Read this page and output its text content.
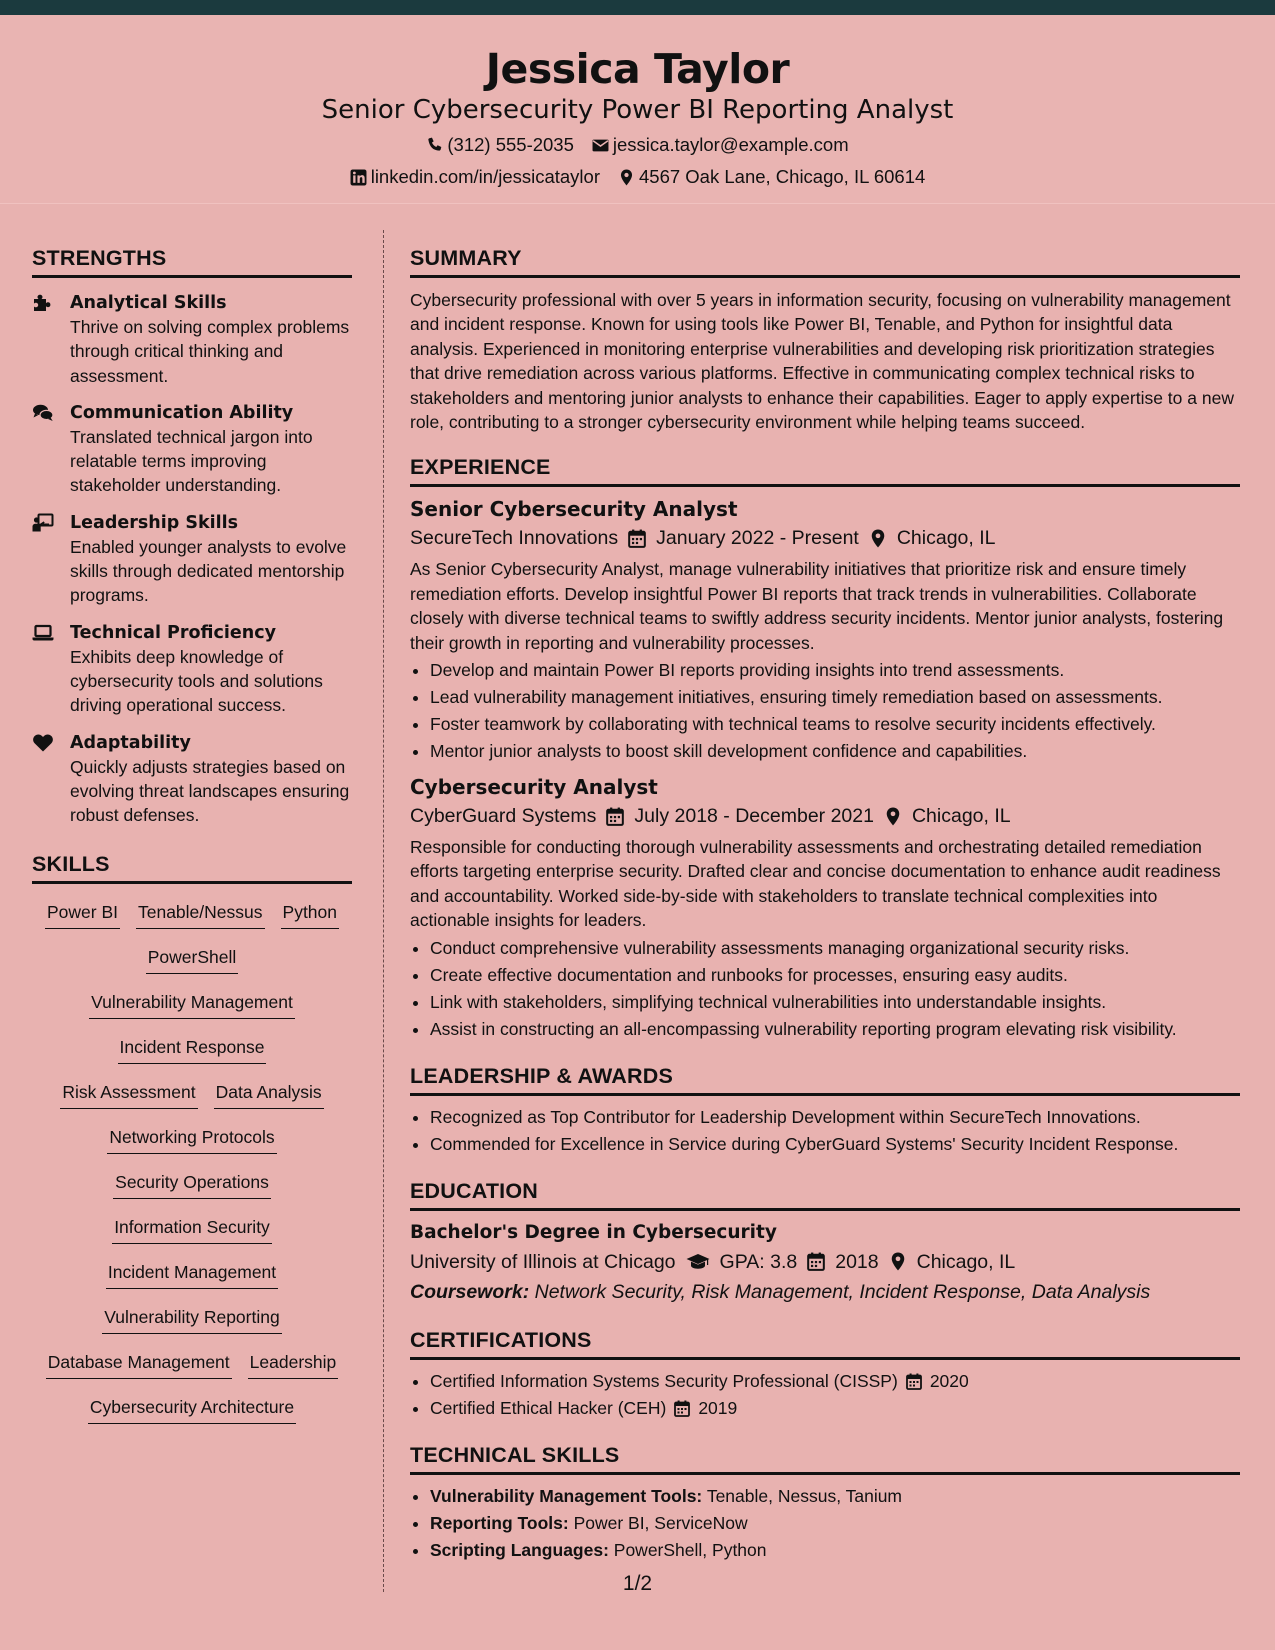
Jessica Taylor
Senior Cybersecurity Power BI Reporting Analyst
(312) 555-2035 jessica.taylor@example.com
linkedin.com/in/jessicataylor 4567 Oak Lane, Chicago, IL 60614
STRENGTHS
Analytical Skills
Thrive on solving complex problems through critical thinking and assessment.
Communication Ability
Translated technical jargon into relatable terms improving stakeholder understanding.
Leadership Skills
Enabled younger analysts to evolve skills through dedicated mentorship programs.
Technical Proficiency
Exhibits deep knowledge of cybersecurity tools and solutions driving operational success.
Adaptability
Quickly adjusts strategies based on evolving threat landscapes ensuring robust defenses.
SKILLS
Power BI Tenable/Nessus Python
PowerShell
Vulnerability Management
Incident Response
Risk Assessment Data Analysis
Networking Protocols
Security Operations
Information Security
Incident Management
Vulnerability Reporting
Database Management Leadership
Cybersecurity Architecture
SUMMARY
Cybersecurity professional with over 5 years in information security, focusing on vulnerability management and incident response. Known for using tools like Power BI, Tenable, and Python for insightful data analysis. Experienced in monitoring enterprise vulnerabilities and developing risk prioritization strategies that drive remediation across various platforms. Effective in communicating complex technical risks to stakeholders and mentoring junior analysts to enhance their capabilities. Eager to apply expertise to a new role, contributing to a stronger cybersecurity environment while helping teams succeed.
EXPERIENCE
Senior Cybersecurity Analyst
SecureTech Innovations January 2022 - Present Chicago, IL
As Senior Cybersecurity Analyst, manage vulnerability initiatives that prioritize risk and ensure timely remediation efforts. Develop insightful Power BI reports that track trends in vulnerabilities. Collaborate closely with diverse technical teams to swiftly address security incidents. Mentor junior analysts, fostering their growth in reporting and vulnerability processes.
• Develop and maintain Power BI reports providing insights into trend assessments.
• Lead vulnerability management initiatives, ensuring timely remediation based on assessments.
• Foster teamwork by collaborating with technical teams to resolve security incidents effectively.
• Mentor junior analysts to boost skill development confidence and capabilities.
Cybersecurity Analyst
CyberGuard Systems July 2018 - December 2021 Chicago, IL
Responsible for conducting thorough vulnerability assessments and orchestrating detailed remediation efforts targeting enterprise security. Drafted clear and concise documentation to enhance audit readiness and accountability. Worked side-by-side with stakeholders to translate technical complexities into actionable insights for leaders.
• Conduct comprehensive vulnerability assessments managing organizational security risks.
• Create effective documentation and runbooks for processes, ensuring easy audits.
• Link with stakeholders, simplifying technical vulnerabilities into understandable insights.
• Assist in constructing an all-encompassing vulnerability reporting program elevating risk visibility.
LEADERSHIP & AWARDS
• Recognized as Top Contributor for Leadership Development within SecureTech Innovations.
• Commended for Excellence in Service during CyberGuard Systems' Security Incident Response.
EDUCATION
Bachelor's Degree in Cybersecurity
University of Illinois at Chicago GPA: 3.8 2018 Chicago, IL
Coursework: Network Security, Risk Management, Incident Response, Data Analysis
CERTIFICATIONS
• Certified Information Systems Security Professional (CISSP) 2020
• Certified Ethical Hacker (CEH) 2019
TECHNICAL SKILLS
• Vulnerability Management Tools: Tenable, Nessus, Tanium
• Reporting Tools: Power BI, ServiceNow
• Scripting Languages: PowerShell, Python
1/2
